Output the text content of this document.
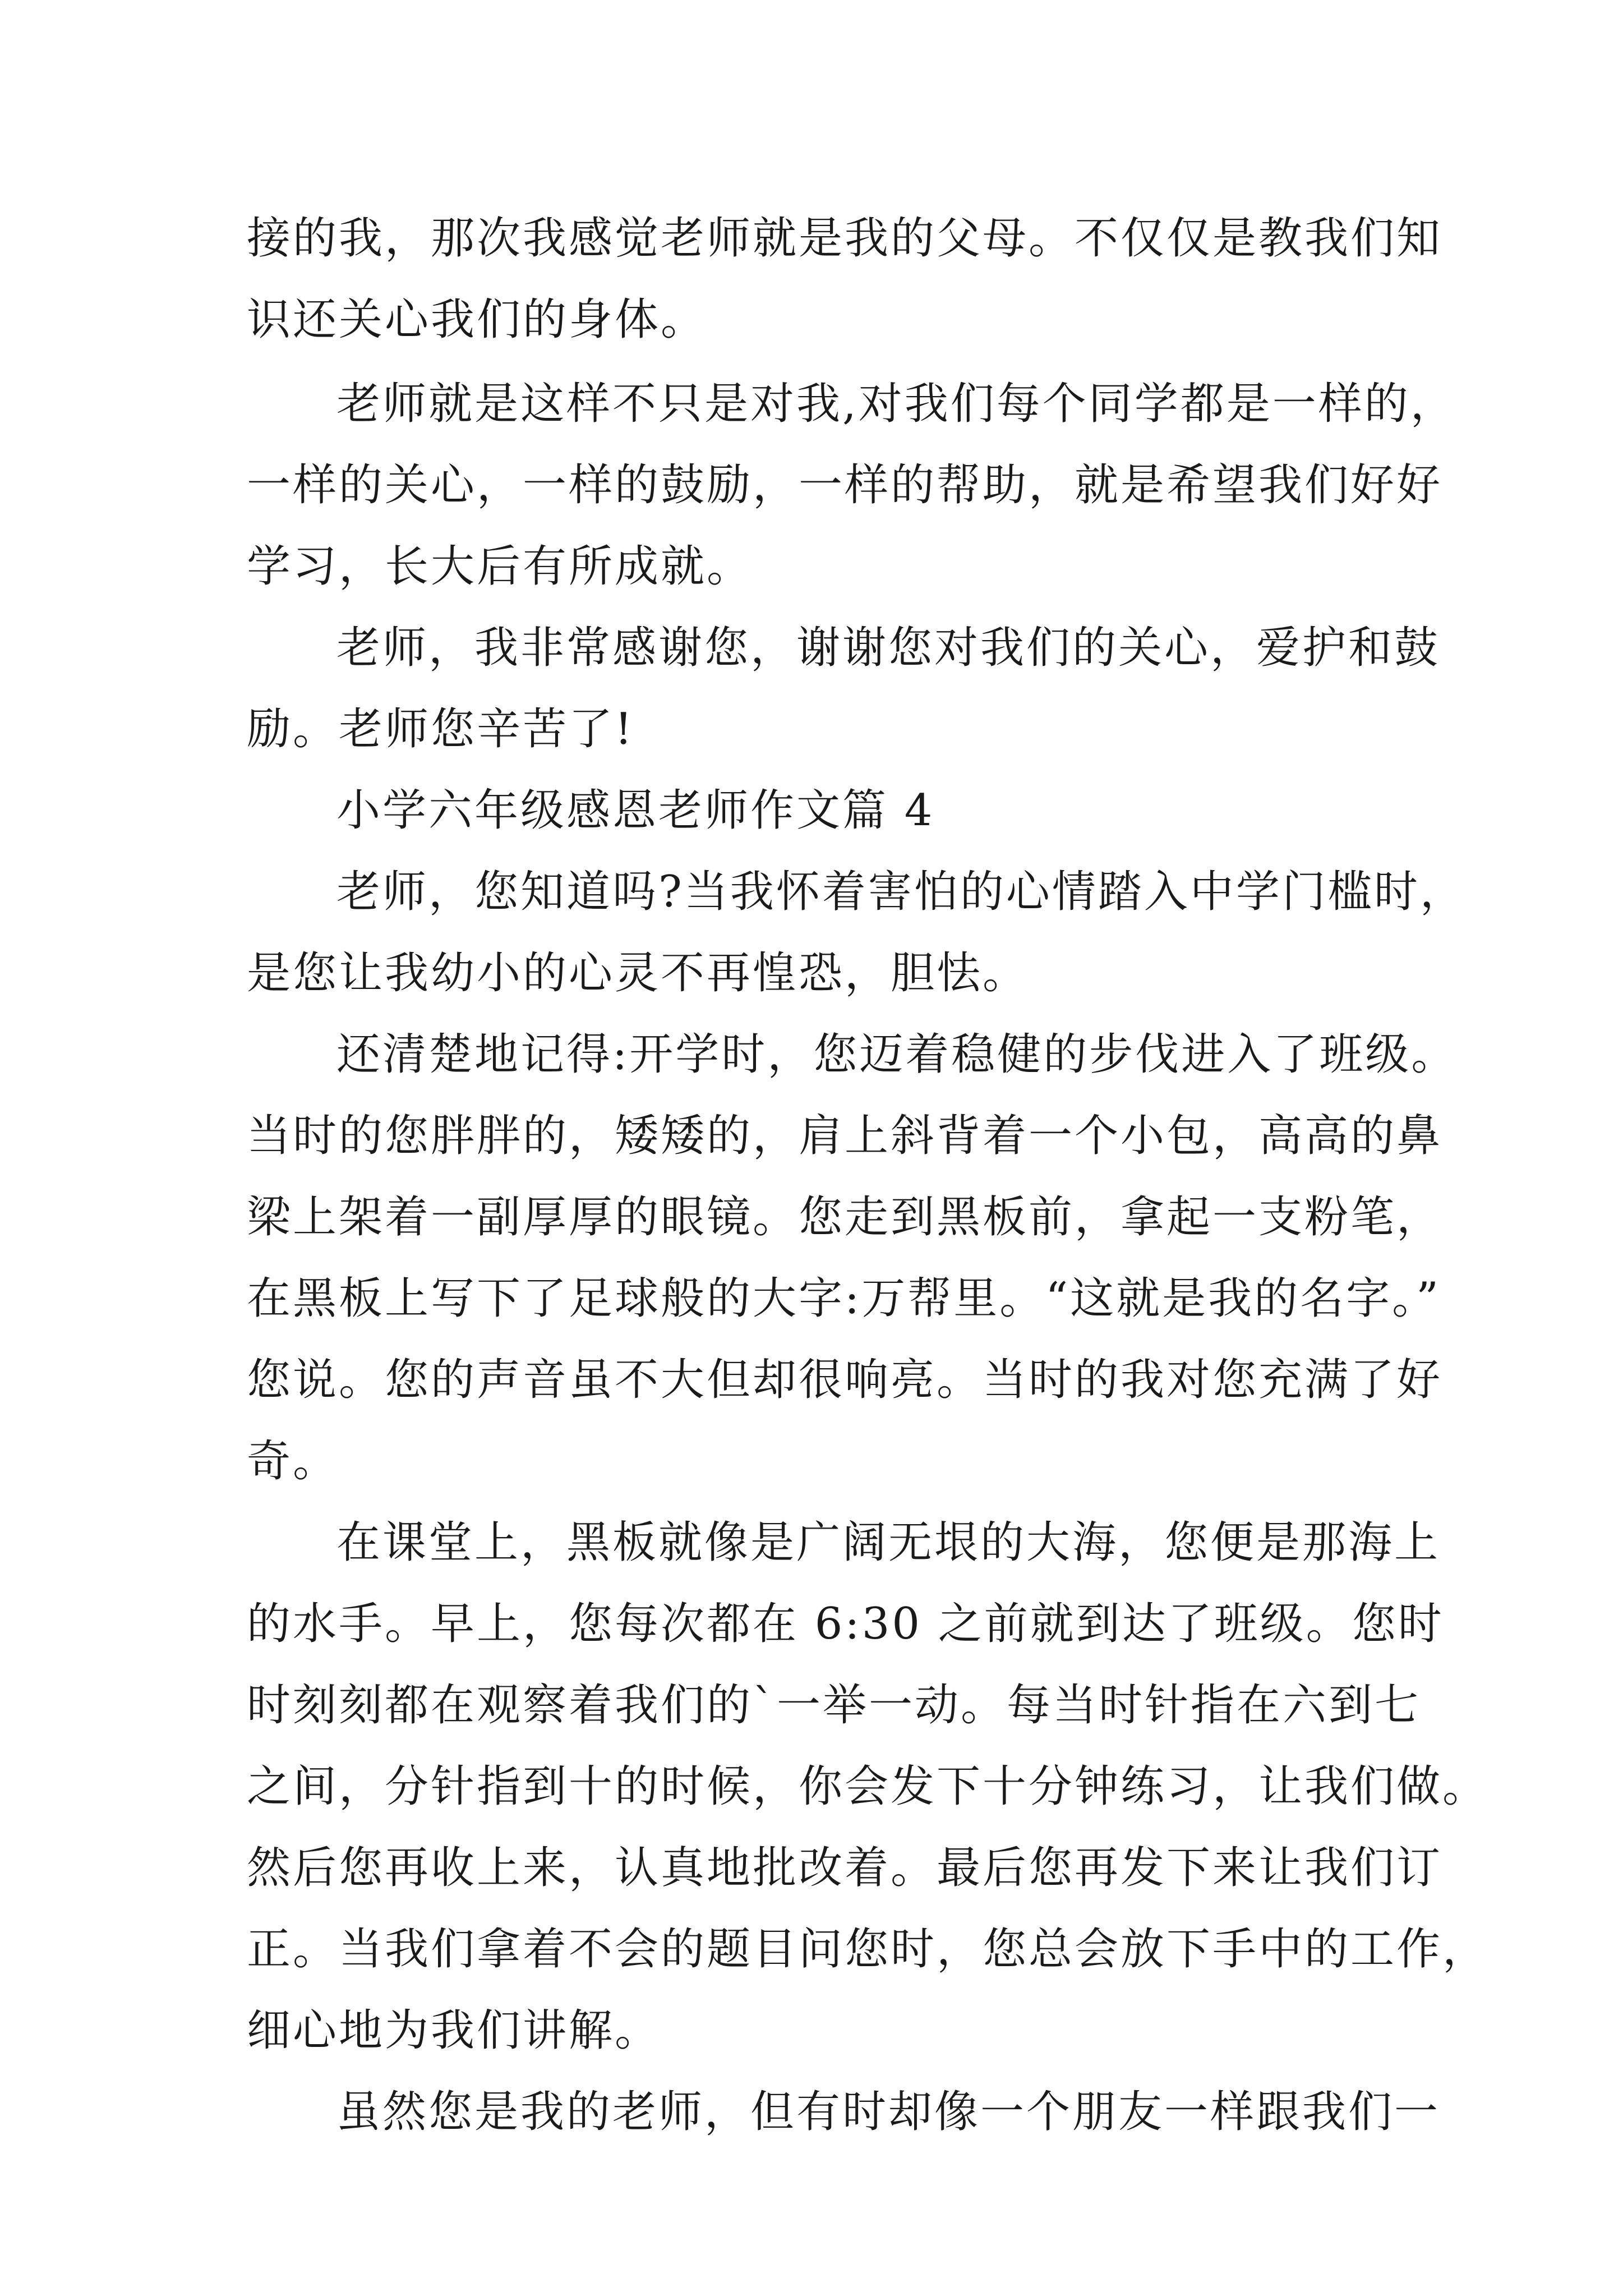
接的我，那次我感觉老师就是我的父母。不仅仅是教我们知
识还关心我们的身体。
老师就是这样不只是对我,对我们每个同学都是一样的，
一样的关心，一样的鼓励，一样的帮助，就是希望我们好好
学习，长大后有所成就。
老师，我非常感谢您，谢谢您对我们的关心，爱护和鼓
励。老师您辛苦了!
小学六年级感恩老师作文篇 4
老师，您知道吗?当我怀着害怕的心情踏入中学门槛时，
是您让我幼小的心灵不再惶恐，胆怯。
还清楚地记得:开学时，您迈着稳健的步伐进入了班级。
当时的您胖胖的，矮矮的，肩上斜背着一个小包，高高的鼻
梁上架着一副厚厚的眼镜。您走到黑板前，拿起一支粉笔，
在黑板上写下了足球般的大字:万帮里。“这就是我的名字。”
您说。您的声音虽不大但却很响亮。当时的我对您充满了好
奇。
在课堂上，黑板就像是广阔无垠的大海，您便是那海上
的水手。早上，您每次都在 6:30 之前就到达了班级。您时
时刻刻都在观察着我们的`一举一动。每当时针指在六到七
之间，分针指到十的时候，你会发下十分钟练习，让我们做。
然后您再收上来，认真地批改着。最后您再发下来让我们订
正。当我们拿着不会的题目问您时，您总会放下手中的工作，
细心地为我们讲解。
虽然您是我的老师，但有时却像一个朋友一样跟我们一
